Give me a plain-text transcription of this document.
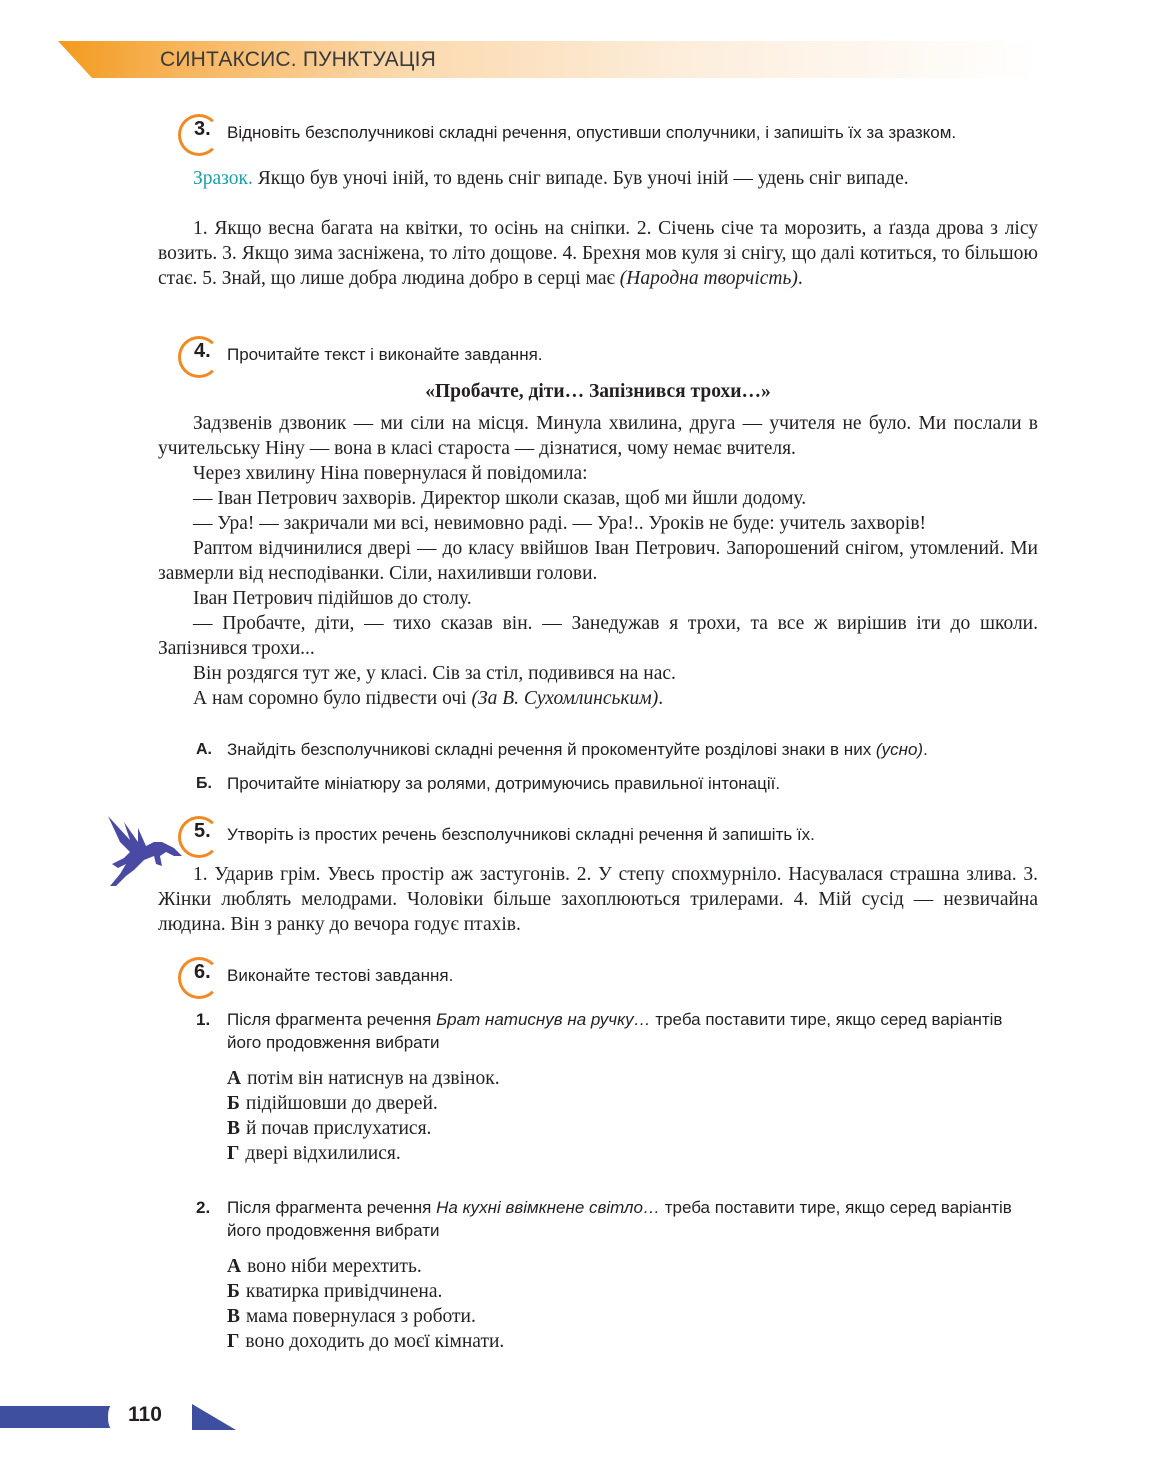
СИНТАКСИС. ПУНКТУАЦІЯ
3. Відновіть безсполучникові складні речення, опустивши сполучники, і запишіть їх за зразком.
Зразок. Якщо був уночі іній, то вдень сніг випаде. Був уночі іній — удень сніг випаде.

1. Якщо весна багата на квітки, то осінь на сніпки. 2. Січень січе та морозить, а ґазда дрова з лісу возить. 3. Якщо зима засніжена, то літо дощове. 4. Брехня мов куля зі снігу, що далі котиться, то більшою стає. 5. Знай, що лише добра людина добро в серці має (Народна творчість).

4. Прочитайте текст і виконайте завдання.
«Пробачте, діти… Запізнився трохи…»

Задзвенів дзвоник — ми сіли на місця. Минула хвилина, друга — учителя не було. Ми послали в учительську Ніну — вона в класі староста — дізнатися, чому немає вчителя.

Через хвилину Ніна повернулася й повідомила:

— Іван Петрович захворів. Директор школи сказав, щоб ми йшли додому.

— Ура! — закричали ми всі, невимовно раді. — Ура!.. Уроків не буде: учитель захворів!

Раптом відчинилися двері — до класу ввійшов Іван Петрович. Запорошений снігом, утомлений. Ми завмерли від несподіванки. Сіли, нахиливши голови.

Іван Петрович підійшов до столу.

— Пробачте, діти, — тихо сказав він. — Занедужав я трохи, та все ж вирішив іти до школи. Запізнився трохи...

Він роздягся тут же, у класі. Сів за стіл, подивився на нас.

А нам соромно було підвести очі (За В. Сухомлинським).

А. Знайдіть безсполучникові складні речення й прокоментуйте розділові знаки в них (усно).
Б. Прочитайте мініатюру за ролями, дотримуючись правильної інтонації.
5. Утворіть із простих речень безсполучникові складні речення й запишіть їх.

1. Ударив грім. Увесь простір аж застугонів. 2. У степу спохмурніло. Насувалася страшна злива. 3. Жінки люблять мелодрами. Чоловіки більше захоплюються трилерами. 4. Мій сусід — незвичайна людина. Він з ранку до вечора годує птахів.

6. Виконайте тестові завдання.
1. Після фрагмента речення Брат натиснув на ручку… треба поставити тире, якщо серед варіантів його продовження вибрати
А потім він натиснув на дзвінок.
Б підійшовши до дверей.
В й почав прислухатися.
Г двері відхилилися.
2. Після фрагмента речення На кухні ввімкнене світло… треба поставити тире, якщо серед варіантів його продовження вибрати
А воно ніби мерехтить.
Б кватирка привідчинена.
В мама повернулася з роботи.
Г воно доходить до моєї кімнати.
110
